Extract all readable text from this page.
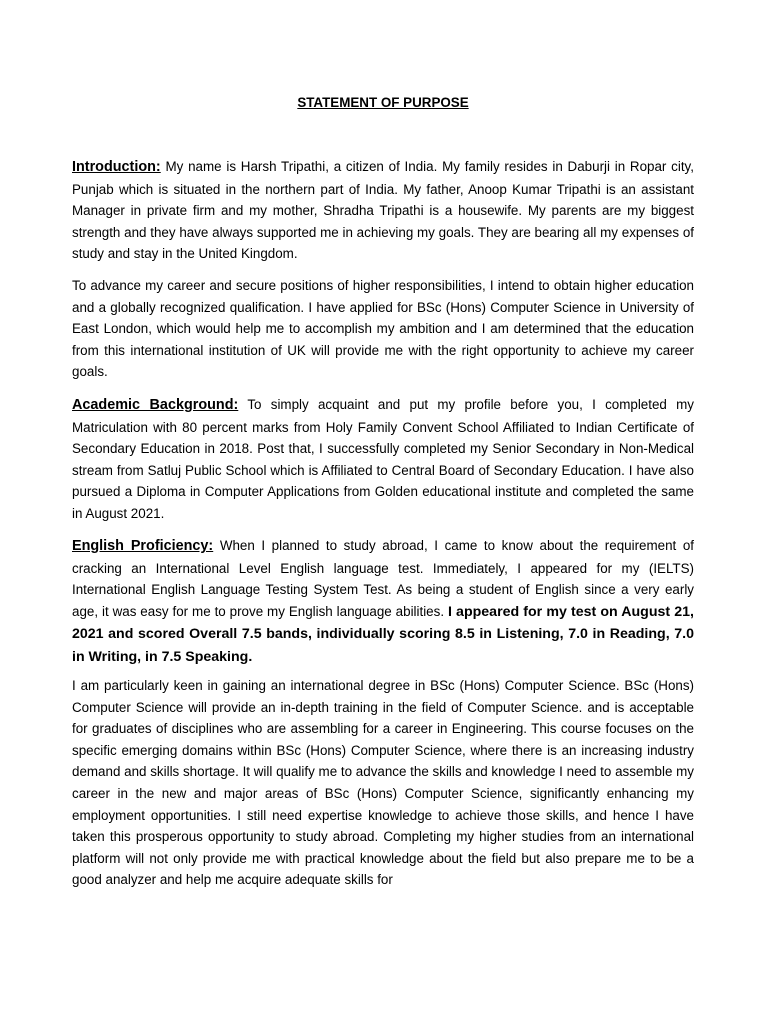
STATEMENT OF PURPOSE

Introduction: My name is Harsh Tripathi, a citizen of India. My family resides in Daburji in Ropar city, Punjab which is situated in the northern part of India. My father, Anoop Kumar Tripathi is an assistant Manager in private firm and my mother, Shradha Tripathi is a housewife. My parents are my biggest strength and they have always supported me in achieving my goals. They are bearing all my expenses of study and stay in the United Kingdom.

To advance my career and secure positions of higher responsibilities, I intend to obtain higher education and a globally recognized qualification. I have applied for BSc (Hons) Computer Science in University of East London, which would help me to accomplish my ambition and I am determined that the education from this international institution of UK will provide me with the right opportunity to achieve my career goals.

Academic Background: To simply acquaint and put my profile before you, I completed my Matriculation with 80 percent marks from Holy Family Convent School Affiliated to Indian Certificate of Secondary Education in 2018. Post that, I successfully completed my Senior Secondary in Non-Medical stream from Satluj Public School which is Affiliated to Central Board of Secondary Education. I have also pursued a Diploma in Computer Applications from Golden educational institute and completed the same in August 2021.

English Proficiency: When I planned to study abroad, I came to know about the requirement of cracking an International Level English language test. Immediately, I appeared for my (IELTS) International English Language Testing System Test. As being a student of English since a very early age, it was easy for me to prove my English language abilities. I appeared for my test on August 21, 2021 and scored Overall 7.5 bands, individually scoring 8.5 in Listening, 7.0 in Reading, 7.0 in Writing, in 7.5 Speaking.

I am particularly keen in gaining an international degree in BSc (Hons) Computer Science. BSc (Hons) Computer Science will provide an in-depth training in the field of Computer Science. and is acceptable for graduates of disciplines who are assembling for a career in Engineering. This course focuses on the specific emerging domains within BSc (Hons) Computer Science, where there is an increasing industry demand and skills shortage. It will qualify me to advance the skills and knowledge I need to assemble my career in the new and major areas of BSc (Hons) Computer Science, significantly enhancing my employment opportunities. I still need expertise knowledge to achieve those skills, and hence I have taken this prosperous opportunity to study abroad. Completing my higher studies from an international platform will not only provide me with practical knowledge about the field but also prepare me to be a good analyzer and help me acquire adequate skills for
